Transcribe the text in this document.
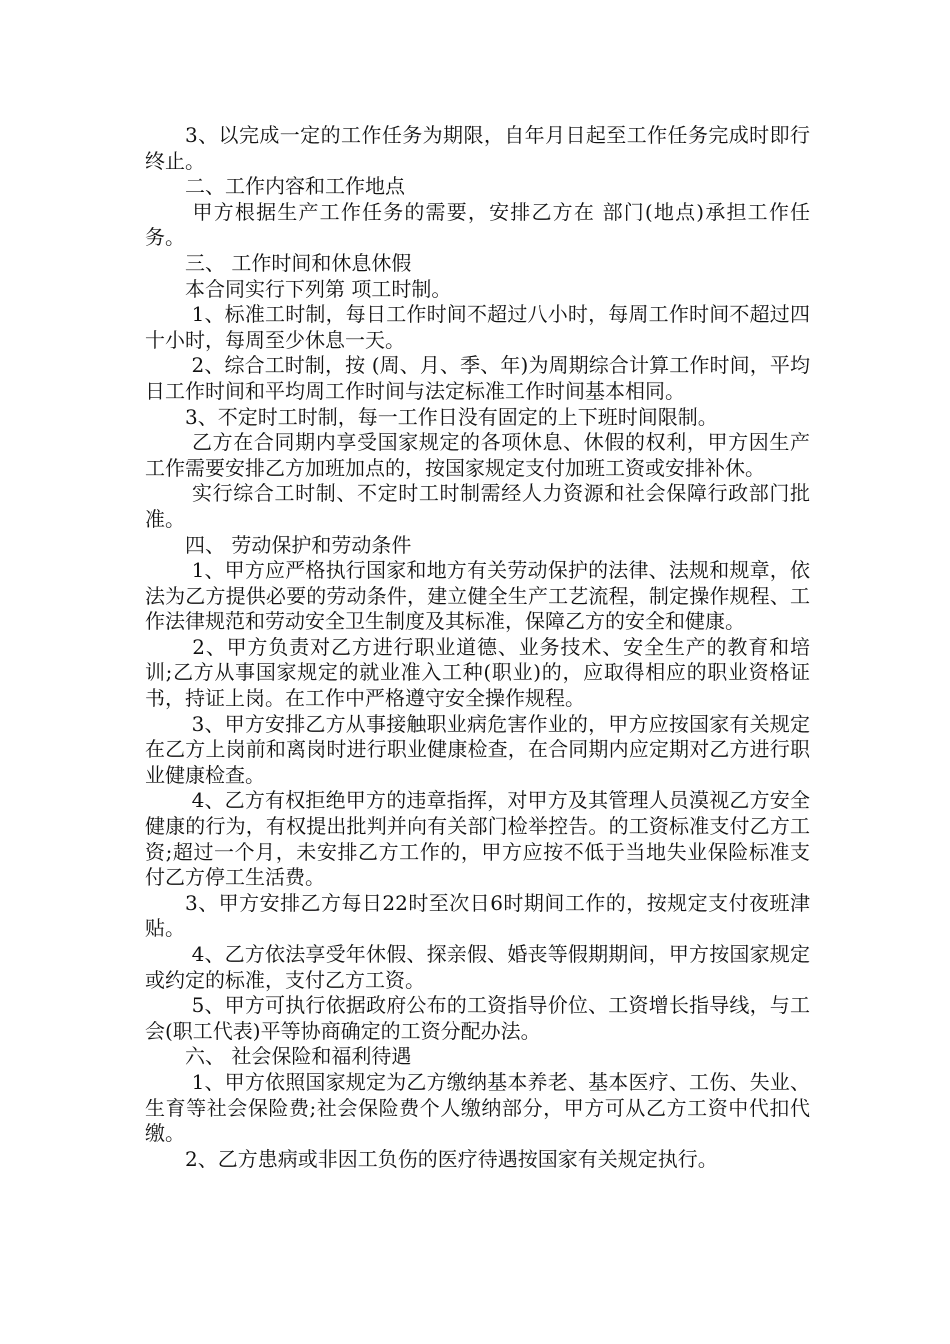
3、以完成一定的工作任务为期限，自年月日起至工作任务完成时即行终止。

二、工作内容和工作地点

甲方根据生产工作任务的需要，安排乙方在 部门(地点)承担工作任务。

三、 工作时间和休息休假

本合同实行下列第 项工时制。

1、标准工时制，每日工作时间不超过八小时，每周工作时间不超过四十小时，每周至少休息一天。

2、综合工时制，按 (周、月、季、年)为周期综合计算工作时间，平均日工作时间和平均周工作时间与法定标准工作时间基本相同。

3、不定时工时制，每一工作日没有固定的上下班时间限制。

乙方在合同期内享受国家规定的各项休息、休假的权利，甲方因生产工作需要安排乙方加班加点的，按国家规定支付加班工资或安排补休。

实行综合工时制、不定时工时制需经人力资源和社会保障行政部门批准。

四、 劳动保护和劳动条件

1、甲方应严格执行国家和地方有关劳动保护的法律、法规和规章，依法为乙方提供必要的劳动条件，建立健全生产工艺流程，制定操作规程、工作法律规范和劳动安全卫生制度及其标准，保障乙方的安全和健康。

2、甲方负责对乙方进行职业道德、业务技术、安全生产的教育和培训;乙方从事国家规定的就业准入工种(职业)的，应取得相应的职业资格证书，持证上岗。在工作中严格遵守安全操作规程。

3、甲方安排乙方从事接触职业病危害作业的，甲方应按国家有关规定在乙方上岗前和离岗时进行职业健康检查，在合同期内应定期对乙方进行职业健康检查。

4、乙方有权拒绝甲方的违章指挥，对甲方及其管理人员漠视乙方安全健康的行为，有权提出批判并向有关部门检举控告。的工资标准支付乙方工资;超过一个月，未安排乙方工作的，甲方应按不低于当地失业保险标准支付乙方停工生活费。

3、甲方安排乙方每日22时至次日6时期间工作的，按规定支付夜班津贴。

4、乙方依法享受年休假、探亲假、婚丧等假期期间，甲方按国家规定或约定的标准，支付乙方工资。

5、甲方可执行依据政府公布的工资指导价位、工资增长指导线，与工会(职工代表)平等协商确定的工资分配办法。

六、 社会保险和福利待遇

1、甲方依照国家规定为乙方缴纳基本养老、基本医疗、工伤、失业、生育等社会保险费;社会保险费个人缴纳部分，甲方可从乙方工资中代扣代缴。

2、乙方患病或非因工负伤的医疗待遇按国家有关规定执行。
